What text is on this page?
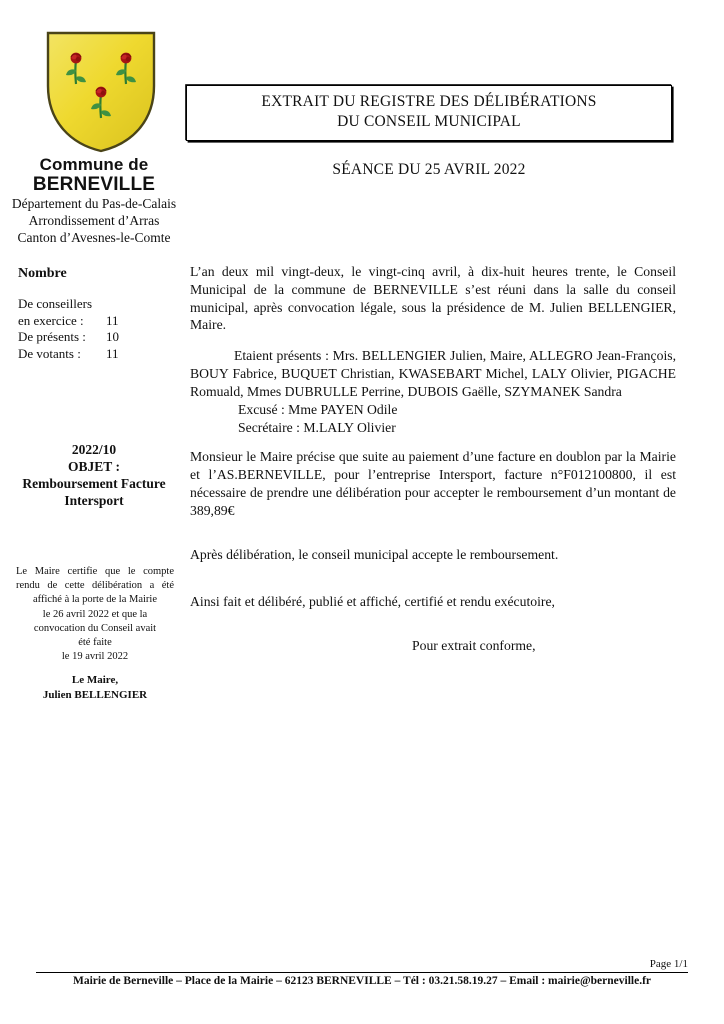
Commune de
BERNEVILLE
Département du Pas-de-Calais
Arrondissement d’Arras
Canton d’Avesnes-le-Comte
Nombre
De conseillers
en exercice :	11
De présents :	10
De votants :	11
2022/10
OBJET :
Remboursement Facture
Intersport
Le Maire certifie que le compte rendu de cette délibération a été affiché à la porte de la Mairie
le 26 avril 2022 et que la
convocation du Conseil avait
été faite
le 19 avril 2022
Le Maire,
Julien BELLENGIER
EXTRAIT DU REGISTRE DES DÉLIBÉRATIONS
DU CONSEIL MUNICIPAL
SÉANCE DU 25 AVRIL 2022

L’an deux mil vingt-deux, le vingt-cinq avril, à dix-huit heures trente, le Conseil Municipal de la commune de BERNEVILLE s’est réuni dans la salle du conseil municipal, après convocation légale, sous la présidence de M. Julien BELLENGIER, Maire.

Etaient présents : Mrs. BELLENGIER Julien, Maire, ALLEGRO Jean-François, BOUY Fabrice, BUQUET Christian, KWASEBART Michel, LALY Olivier, PIGACHE Romuald, Mmes DUBRULLE Perrine, DUBOIS Gaëlle, SZYMANEK Sandra

Excusé : Mme PAYEN Odile

Secrétaire : M.LALY Olivier

Monsieur le Maire précise que suite au paiement d’une facture en doublon par la Mairie et l’AS.BERNEVILLE, pour l’entreprise Intersport, facture n°F012100800, il est nécessaire de prendre une délibération pour accepter le remboursement d’un montant de 389,89€

Après délibération, le conseil municipal accepte le remboursement.

Ainsi fait et délibéré, publié et affiché, certifié et rendu exécutoire,

Pour extrait conforme,

Page 1/1
Mairie de Berneville – Place de la Mairie – 62123 BERNEVILLE – Tél : 03.21.58.19.27 – Email : mairie@berneville.fr
